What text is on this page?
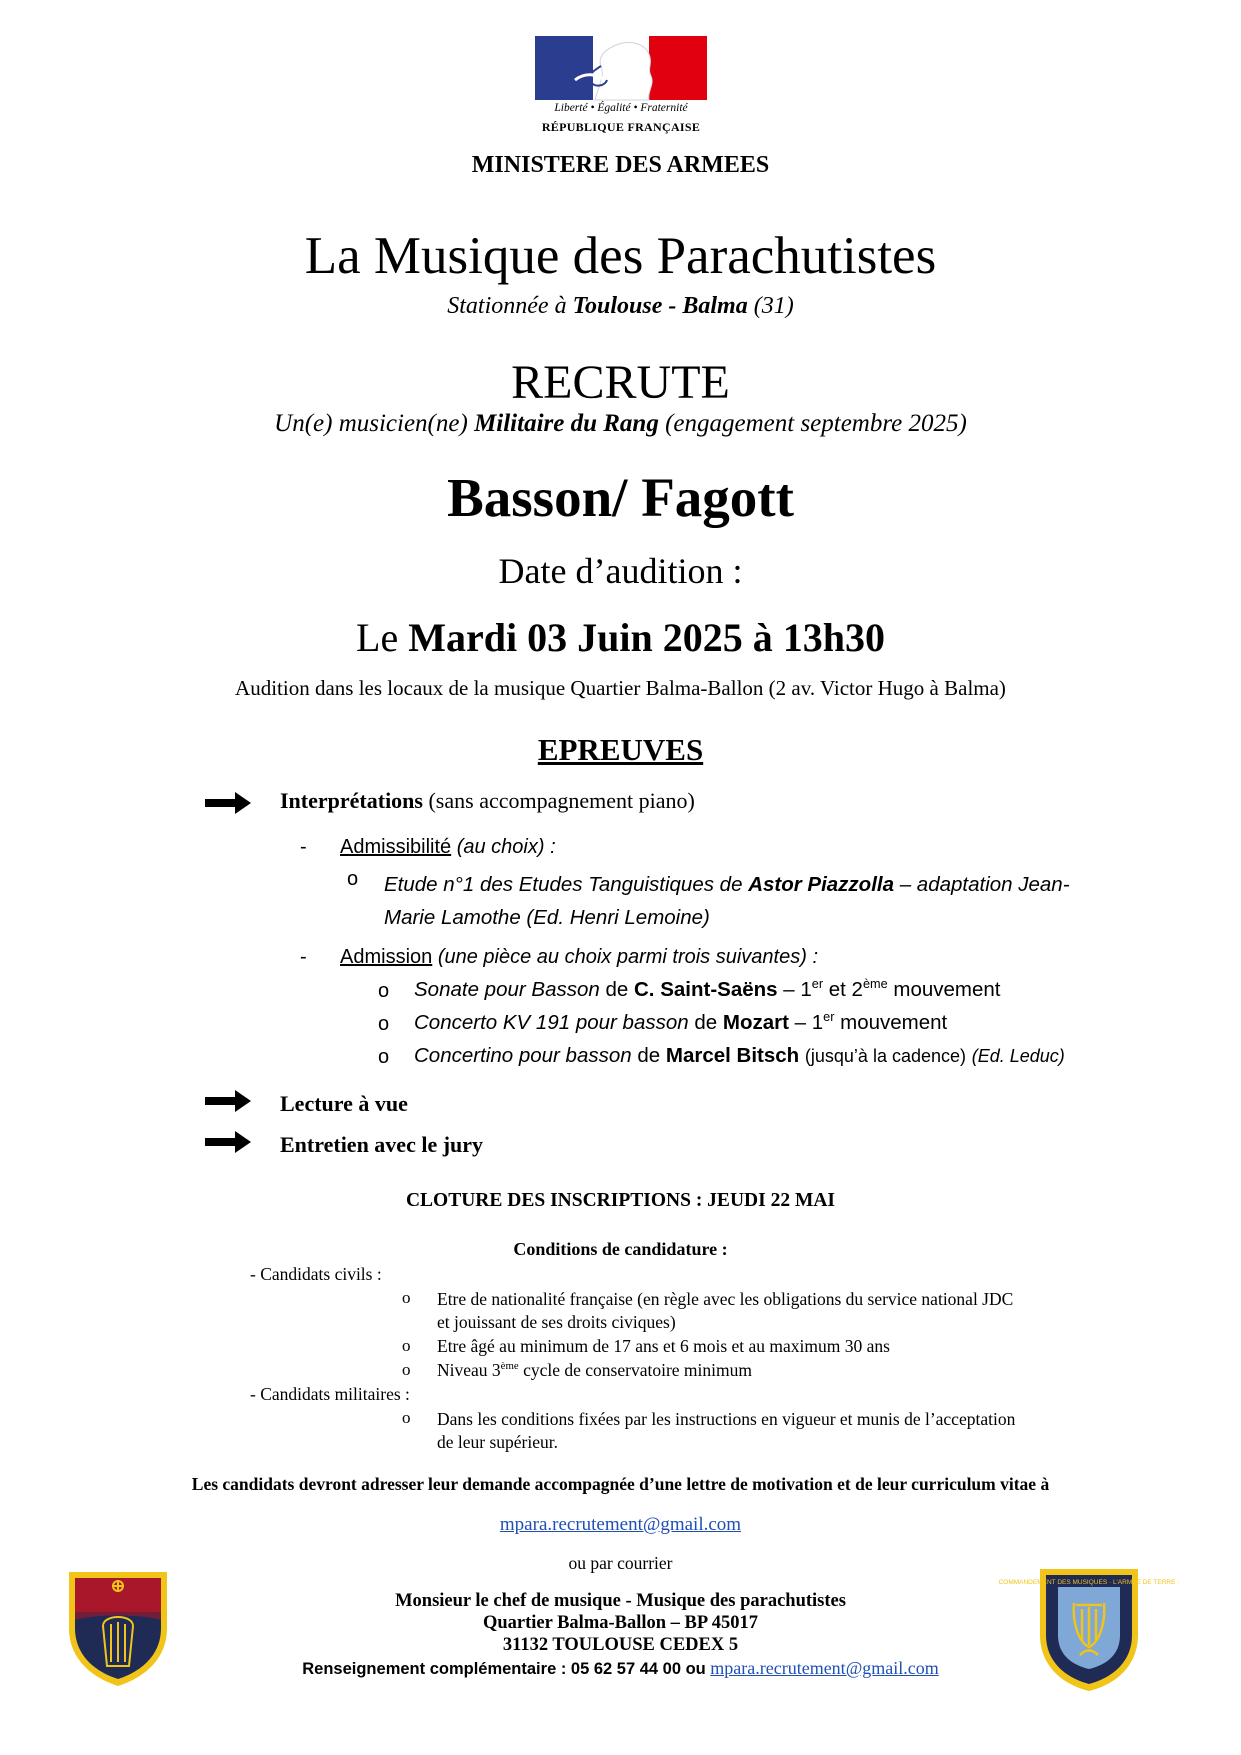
Liberté • Égalité • Fraternité
RÉPUBLIQUE FRANÇAISE
MINISTERE DES ARMEES
La Musique des Parachutistes
Stationnée à Toulouse - Balma (31)
RECRUTE
Un(e) musicien(ne) Militaire du Rang (engagement septembre 2025)
Basson/ Fagott
Date d’audition :
Le Mardi 03 Juin 2025 à 13h30
Audition dans les locaux de la musique Quartier Balma-Ballon (2 av. Victor Hugo à Balma)
EPREUVES
Interprétations (sans accompagnement piano)
- Admissibilité (au choix) :
o Etude n°1 des Etudes Tanguistiques de Astor Piazzolla – adaptation Jean-
Marie Lamothe (Ed. Henri Lemoine)
- Admission (une pièce au choix parmi trois suivantes) :
o Sonate pour Basson de C. Saint-Saëns – 1er et 2ème mouvement
o Concerto KV 191 pour basson de Mozart – 1er mouvement
o Concertino pour basson de Marcel Bitsch (jusqu’à la cadence) (Ed. Leduc)
Lecture à vue
Entretien avec le jury
CLOTURE DES INSCRIPTIONS : JEUDI 22 MAI
Conditions de candidature :
- Candidats civils :
o Etre de nationalité française (en règle avec les obligations du service national JDC
et jouissant de ses droits civiques)
o Etre âgé au minimum de 17 ans et 6 mois et au maximum 30 ans
o Niveau 3ème cycle de conservatoire minimum
- Candidats militaires :
o Dans les conditions fixées par les instructions en vigueur et munis de l’acceptation
de leur supérieur.
Les candidats devront adresser leur demande accompagnée d’une lettre de motivation et de leur curriculum vitae à
mpara.recrutement@gmail.com
ou par courrier
Monsieur le chef de musique - Musique des parachutistes
Quartier Balma-Ballon – BP 45017
31132 TOULOUSE CEDEX 5
Renseignement complémentaire : 05 62 57 44 00 ou mpara.recrutement@gmail.com
COMMANDEMENT DES MUSIQUES · L'ARMÉE DE TERRE ·
